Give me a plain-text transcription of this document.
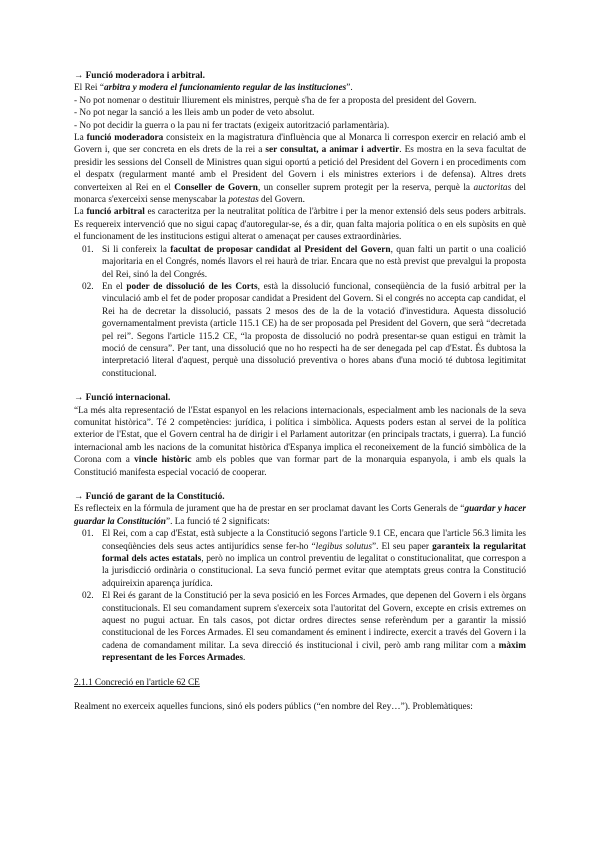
→ Funció moderadora i arbitral.

El Rei “arbitra y modera el funcionamiento regular de las instituciones”.

- No pot nomenar o destituir lliurement els ministres, perquè s'ha de fer a proposta del president del Govern.

- No pot negar la sanció a les lleis amb un poder de veto absolut.

- No pot decidir la guerra o la pau ni fer tractats (exigeix autorització parlamentària).

La funció moderadora consisteix en la magistratura d'influència que al Monarca li correspon exercir en relació amb el Govern i, que ser concreta en els drets de la rei a ser consultat, a animar i advertir. Es mostra en la seva facultat de presidir les sessions del Consell de Ministres quan sigui oportú a petició del President del Govern i en procediments com el despatx (regularment manté amb el President del Govern i els ministres exteriors i de defensa). Altres drets converteixen al Rei en el Conseller de Govern, un conseller suprem protegit per la reserva, perquè la auctoritas del monarca s'exerceixi sense menyscabar la potestas del Govern.

La funció arbitral es caracteritza per la neutralitat política de l'àrbitre i per la menor extensió dels seus poders arbitrals. Es requereix intervenció que no sigui capaç d'autoregular-se, és a dir, quan falta majoria política o en els supòsits en què el funcionament de les institucions estigui alterat o amenaçat per causes extraordinàries.

01. Si li confereix la facultat de proposar candidat al President del Govern, quan falti un partit o una coalició majoritaria en el Congrés, només llavors el rei haurà de triar. Encara que no està previst que prevalgui la proposta del Rei, sinó la del Congrés.
02. En el poder de dissolució de les Corts, està la dissolució funcional, conseqüència de la fusió arbitral per la vinculació amb el fet de poder proposar candidat a President del Govern. Si el congrés no accepta cap candidat, el Rei ha de decretar la dissolució, passats 2 mesos des de la de la votació d'investidura. Aquesta dissolució governamentalment prevista (article 115.1 CE) ha de ser proposada pel President del Govern, que serà “decretada pel rei”. Segons l'article 115.2 CE, “la proposta de dissolució no podrà presentar-se quan estigui en tràmit la moció de censura”. Per tant, una dissolució que no ho respecti ha de ser denegada pel cap d'Estat. És dubtosa la interpretació literal d'aquest, perquè una dissolució preventiva o hores abans d'una moció té dubtosa legitimitat constitucional.

→ Funció internacional.

“La més alta representació de l'Estat espanyol en les relacions internacionals, especialment amb les nacionals de la seva comunitat històrica”. Té 2 competències: jurídica, i política i simbòlica. Aquests poders estan al servei de la política exterior de l'Estat, que el Govern central ha de dirigir i el Parlament autoritzar (en principals tractats, i guerra). La funció internacional amb les nacions de la comunitat històrica d'Espanya implica el reconeixement de la funció simbòlica de la Corona com a vincle històric amb els pobles que van formar part de la monarquia espanyola, i amb els quals la Constitució manifesta especial vocació de cooperar.

→ Funció de garant de la Constitució.

Es reflecteix en la fórmula de jurament que ha de prestar en ser proclamat davant les Corts Generals de “guardar y hacer guardar la Constitución”. La funció té 2 significats:

01. El Rei, com a cap d'Estat, està subjecte a la Constitució segons l'article 9.1 CE, encara que l'article 56.3 limita les conseqüències dels seus actes antijurídics sense fer-ho “legibus solutus”. El seu paper garanteix la regularitat formal dels actes estatals, però no implica un control preventiu de legalitat o constitucionalitat, que correspon a la jurisdicció ordinària o constitucional. La seva funció permet evitar que atemptats greus contra la Constitució adquireixin aparença jurídica.
02. El Rei és garant de la Constitució per la seva posició en les Forces Armades, que depenen del Govern i els òrgans constitucionals. El seu comandament suprem s'exerceix sota l'autoritat del Govern, excepte en crisis extremes on aquest no pugui actuar. En tals casos, pot dictar ordres directes sense referèndum per a garantir la missió constitucional de les Forces Armades. El seu comandament és eminent i indirecte, exercit a través del Govern i la cadena de comandament militar. La seva direcció és institucional i civil, però amb rang militar com a màxim representant de les Forces Armades.

2.1.1 Concreció en l'article 62 CE

Realment no exerceix aquelles funcions, sinó els poders públics (“en nombre del Rey…”). Problemàtiques:
